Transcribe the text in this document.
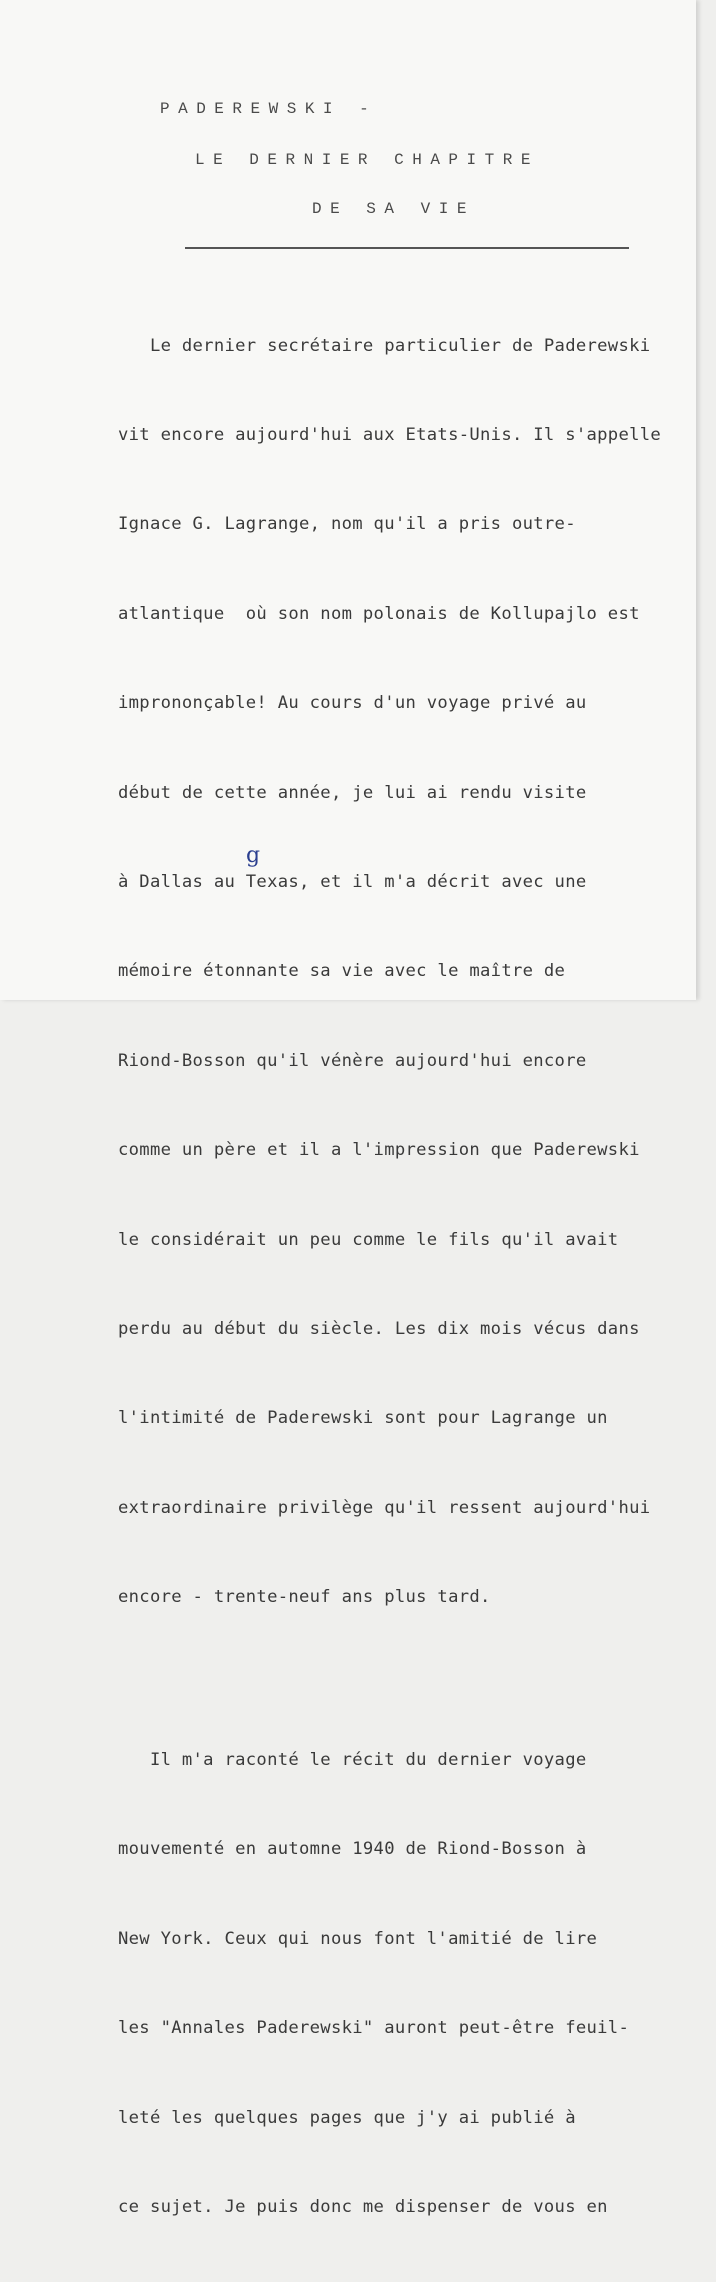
PADEREWSKI -
LE DERNIER CHAPITRE
DE SA VIE

Le dernier secrétaire particulier de Paderewski

vit encore aujourd'hui aux Etats-Unis. Il s'appelle

Ignace G. Lagrange, nom qu'il a pris outre-

atlantique  où son nom polonais de Kollupajlo est

imprononçable! Au cours d'un voyage privé au

début de cette année, je lui ai rendu visite

à Dallas au Texas, et il m'a décrit avec une

mémoire étonnante sa vie avec le maître de

Riond-Bosson qu'il vénère aujourd'hui encore

comme un père et il a l'impression que Paderewski

le considérait un peu comme le fils qu'il avait

perdu au début du siècle. Les dix mois vécus dans

l'intimité de Paderewski sont pour Lagrange un

extraordinaire privilège qu'il ressent aujourd'hui

encore - trente-neuf ans plus tard.

Il m'a raconté le récit du dernier voyage

mouvementé en automne 1940 de Riond-Bosson à

New York. Ceux qui nous font l'amitié de lire

les "Annales Paderewski" auront peut-être feuil-

leté les quelques pages que j'y ai publié à

ce sujet. Je puis donc me dispenser de vous en

g
